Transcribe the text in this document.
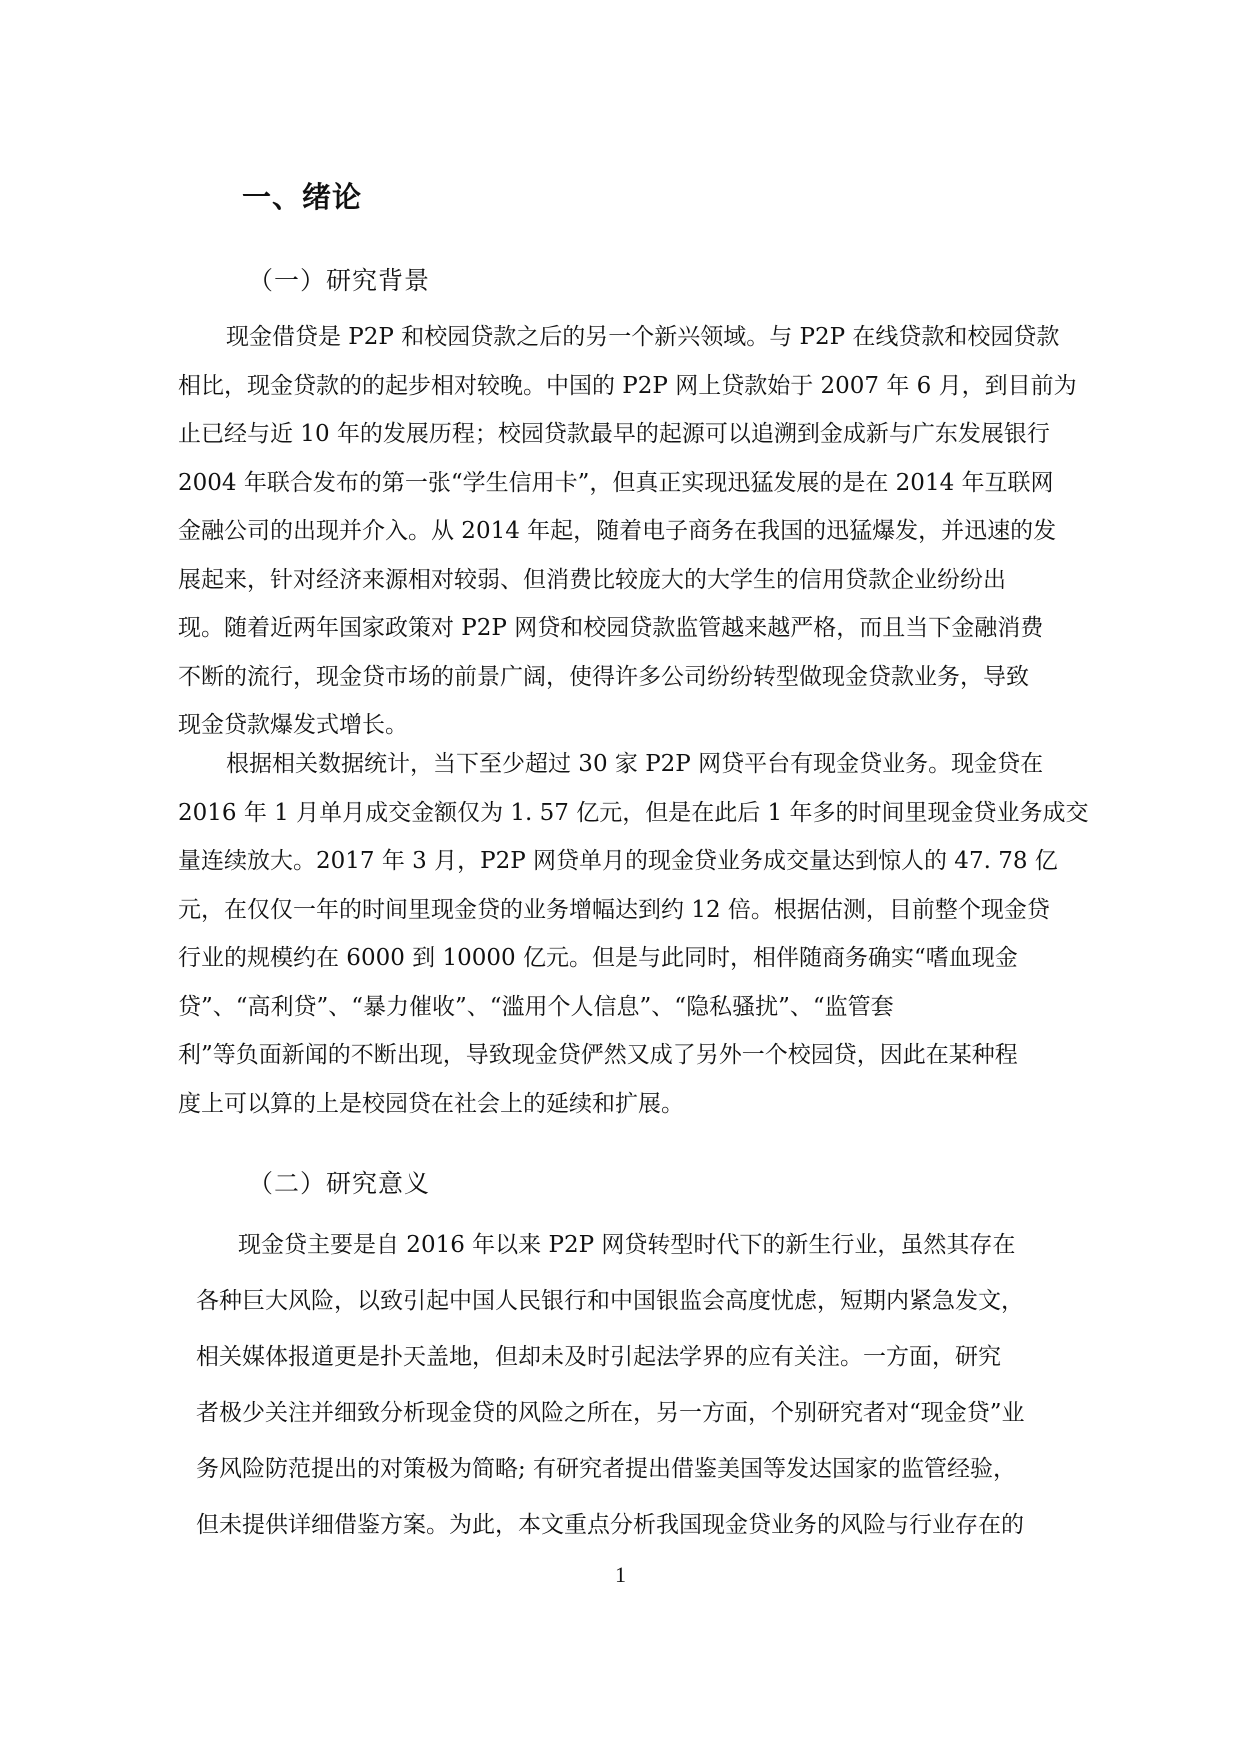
一、绪论
（一）研究背景
现金借贷是 P2P 和校园贷款之后的另一个新兴领域。与 P2P 在线贷款和校园贷款
相比，现金贷款的的起步相对较晚。中国的 P2P 网上贷款始于 2007 年 6 月，到目前为
止已经与近 10 年的发展历程；校园贷款最早的起源可以追溯到金成新与广东发展银行
2004 年联合发布的第一张“学生信用卡”，但真正实现迅猛发展的是在 2014 年互联网
金融公司的出现并介入。从 2014 年起，随着电子商务在我国的迅猛爆发，并迅速的发
展起来，针对经济来源相对较弱、但消费比较庞大的大学生的信用贷款企业纷纷出
现。随着近两年国家政策对 P2P 网贷和校园贷款监管越来越严格，而且当下金融消费
不断的流行，现金贷市场的前景广阔，使得许多公司纷纷转型做现金贷款业务，导致
现金贷款爆发式增长。
根据相关数据统计，当下至少超过 30 家 P2P 网贷平台有现金贷业务。现金贷在
2016 年 1 月单月成交金额仅为 1. 57 亿元，但是在此后 1 年多的时间里现金贷业务成交
量连续放大。2017 年 3 月，P2P 网贷单月的现金贷业务成交量达到惊人的 47. 78 亿
元，在仅仅一年的时间里现金贷的业务增幅达到约 12 倍。根据估测，目前整个现金贷
行业的规模约在 6000 到 10000 亿元。但是与此同时，相伴随商务确实“嗜血现金
贷”、“高利贷”、“暴力催收”、“滥用个人信息”、“隐私骚扰”、“监管套
利”等负面新闻的不断出现，导致现金贷俨然又成了另外一个校园贷，因此在某种程
度上可以算的上是校园贷在社会上的延续和扩展。
（二）研究意义
现金贷主要是自 2016 年以来 P2P 网贷转型时代下的新生行业，虽然其存在
各种巨大风险，以致引起中国人民银行和中国银监会高度忧虑，短期内紧急发文，
相关媒体报道更是扑天盖地，但却未及时引起法学界的应有关注。一方面，研究
者极少关注并细致分析现金贷的风险之所在，另一方面，个别研究者对“现金贷”业
务风险防范提出的对策极为简略; 有研究者提出借鉴美国等发达国家的监管经验，
但未提供详细借鉴方案。为此，本文重点分析我国现金贷业务的风险与行业存在的
1
